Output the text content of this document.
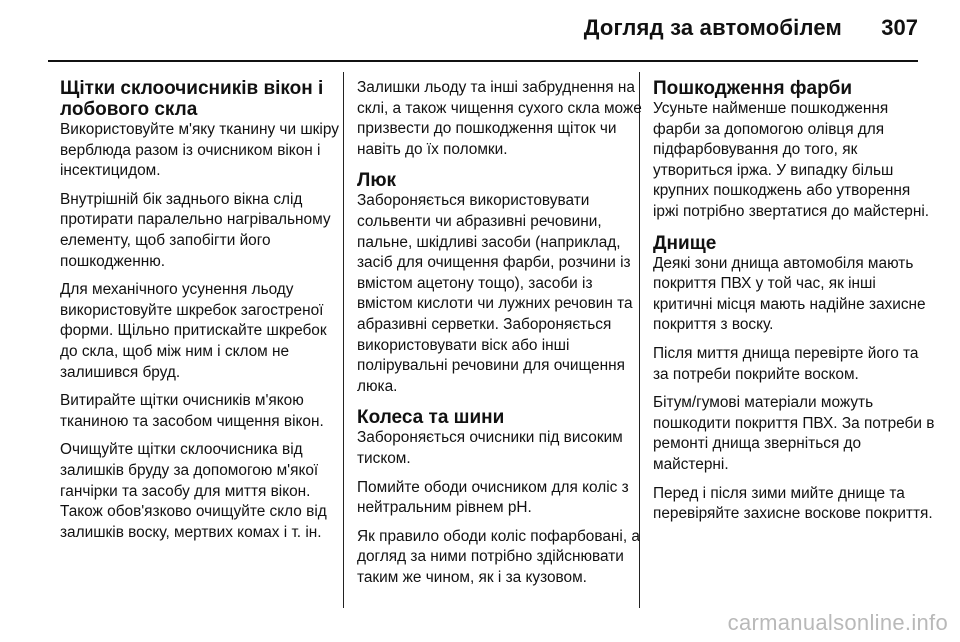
Догляд за автомобілем 307
Щітки склоочисників вікон і лобового скла

Використовуйте м'яку тканину чи шкіру верблюда разом із очисником вікон і інсектицидом.

Внутрішній бік заднього вікна слід протирати паралельно нагрівальному елементу, щоб запобігти його пошкодженню.

Для механічного усунення льоду використовуйте шкребок загостреної форми. Щільно притискайте шкребок до скла, щоб між ним і склом не залишився бруд.

Витирайте щітки очисників м'якою тканиною та засобом чищення вікон.

Очищуйте щітки склоочисника від залишків бруду за допомогою м'якої ганчірки та засобу для миття вікон. Також обов'язково очищуйте скло від залишків воску, мертвих комах і т. ін.

Залишки льоду та інші забруднення на склі, а також чищення сухого скла може призвести до пошкодження щіток чи навіть до їх поломки.

Люк

Забороняється використовувати сольвенти чи абразивні речовини, пальне, шкідливі засоби (наприклад, засіб для очищення фарби, розчини із вмістом ацетону тощо), засоби із вмістом кислоти чи лужних речовин та абразивні серветки. Забороняється використовувати віск або інші полірувальні речовини для очищення люка.

Колеса та шини

Забороняється очисники під високим тиском.

Помийте ободи очисником для коліс з нейтральним рівнем pH.

Як правило ободи коліс пофарбовані, а догляд за ними потрібно здійснювати таким же чином, як і за кузовом.

Пошкодження фарби

Усуньте найменше пошкодження фарби за допомогою олівця для підфарбовування до того, як утвориться іржа. У випадку більш крупних пошкоджень або утворення іржі потрібно звертатися до майстерні.

Днище

Деякі зони днища автомобіля мають покриття ПВХ у той час, як інші критичні місця мають надійне захисне покриття з воску.

Після миття днища перевірте його та за потреби покрийте воском.

Бітум/гумові матеріали можуть пошкодити покриття ПВХ. За потреби в ремонті днища зверніться до майстерні.

Перед і після зими мийте днище та перевіряйте захисне воскове покриття.

carmanualsonline.info
